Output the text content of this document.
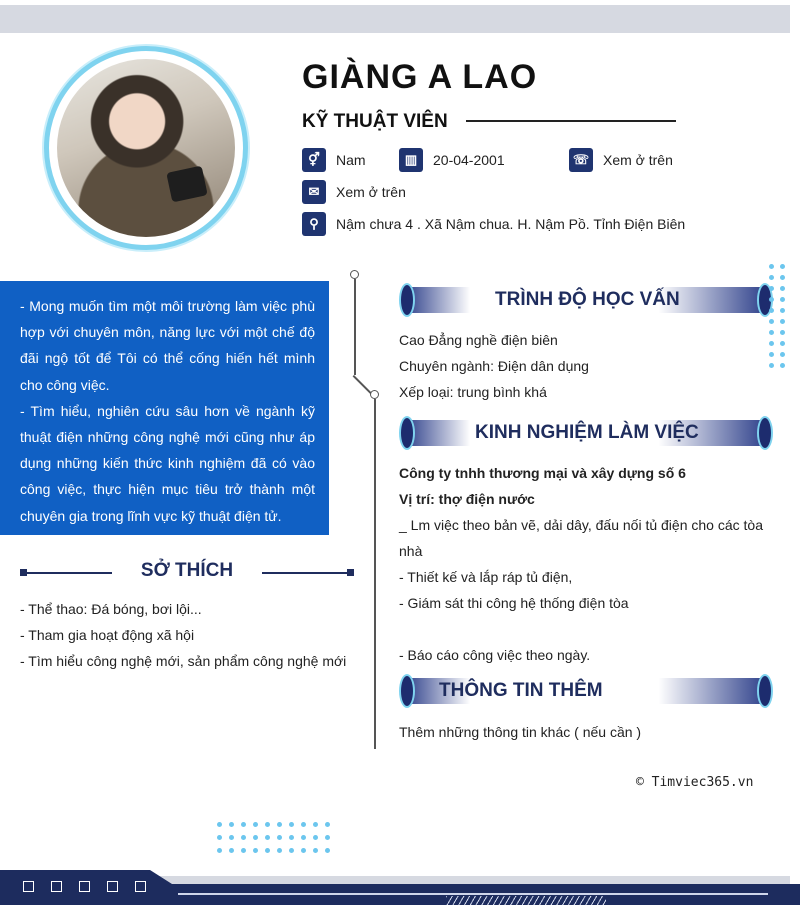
GIÀNG A LAO
KỸ THUẬT VIÊN
⚥	Nam	▥	20-04-2001	☏ Xem ở trên
✉	Xem ở trên
⚲	Nậm chưa 4 . Xã Nậm chua. H. Nậm Pồ. Tỉnh Điện Biên
- Mong muốn tìm một môi trường làm việc phù hợp với chuyên môn, năng lực với một chế độ đãi ngộ tốt để Tôi có thể cống hiến hết mình cho công việc.
- Tìm hiểu, nghiên cứu sâu hơn về ngành kỹ thuật điện những công nghệ mới cũng như áp dụng những kiến thức kinh nghiệm đã có vào công việc, thực hiện mục tiêu trở thành một chuyên gia trong lĩnh vực kỹ thuật điện tử.
SỞ THÍCH
- Thể thao: Đá bóng, bơi lội...
- Tham gia hoạt động xã hội
- Tìm hiểu công nghệ mới, sản phẩm công nghệ mới
TRÌNH ĐỘ HỌC VẤN
Cao Đẳng nghề điện biên
Chuyên ngành: Điện dân dụng
Xếp loại: trung bình khá
KINH NGHIỆM LÀM VIỆC
Công ty tnhh thương mại và xây dựng số 6
Vị trí: thợ điện nước
_ Lm việc theo bản vẽ, dải dây, đấu nối tủ điện cho các tòa nhà
- Thiết kế và lắp ráp tủ điện,
- Giám sát thi công hệ thống điện tòa
- Báo cáo công việc theo ngày.
THÔNG TIN THÊM
Thêm những thông tin khác ( nếu cần )
© Timviec365.vn
